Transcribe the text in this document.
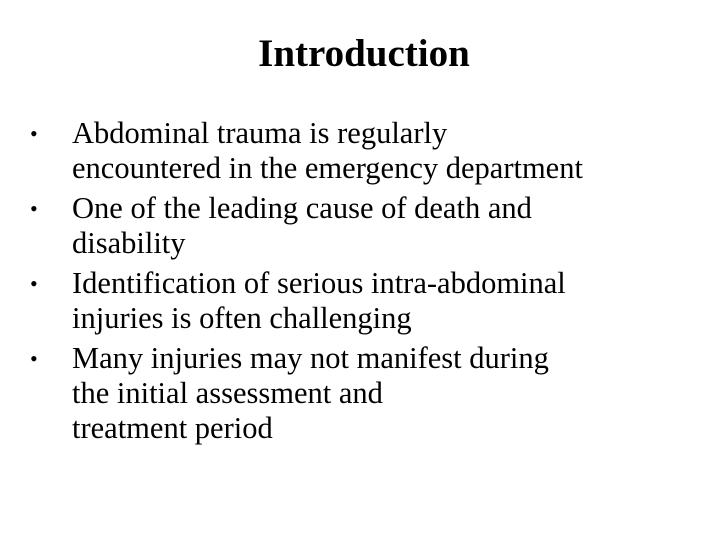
Introduction
•	Abdominal trauma is regularly
encountered in the emergency department
•	One of the leading cause of death and
disability
•	Identification of serious intra-abdominal
injuries is often challenging
•	Many injuries may not manifest during
the initial assessment and
treatment period
